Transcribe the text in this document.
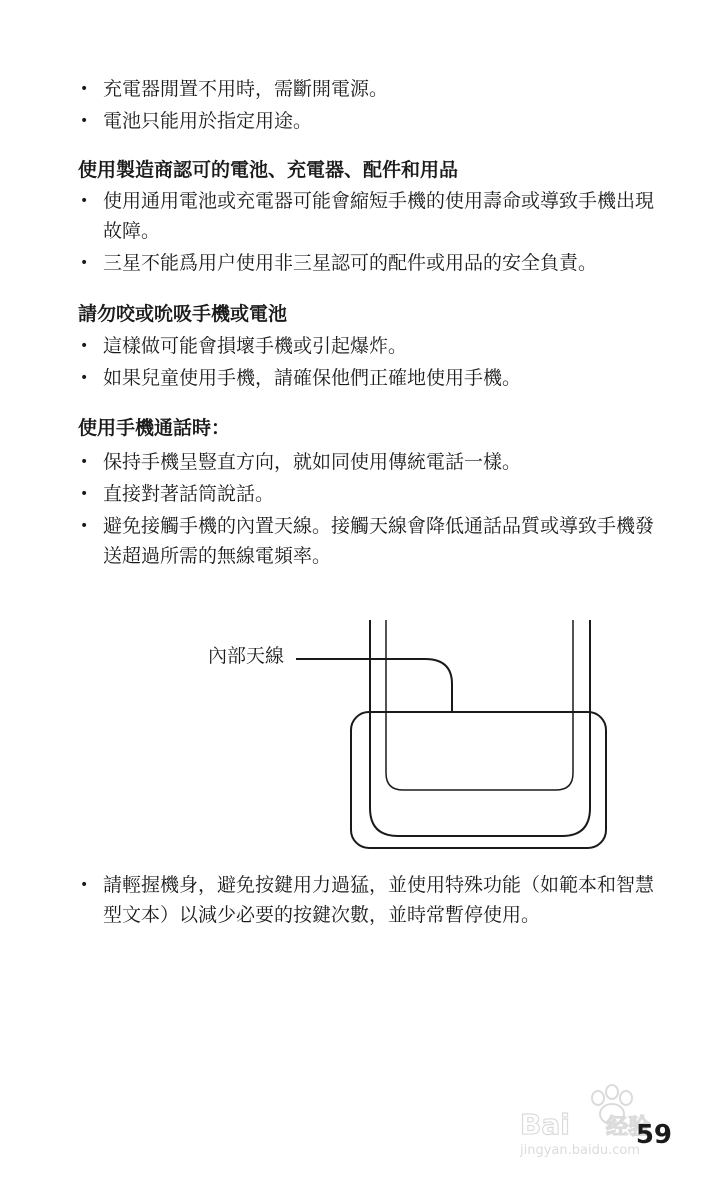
• 充電器閒置不用時，需斷開電源。
• 電池只能用於指定用途。
使用製造商認可的電池、充電器、配件和用品
• 使用通用電池或充電器可能會縮短手機的使用壽命或導致手機出現故障。
• 三星不能爲用户使用非三星認可的配件或用品的安全負責。
請勿咬或吮吸手機或電池
• 這樣做可能會損壞手機或引起爆炸。
• 如果兒童使用手機，請確保他們正確地使用手機。
使用手機通話時：
• 保持手機呈豎直方向，就如同使用傳統電話一樣。
• 直接對著話筒說話。
• 避免接觸手機的內置天線。接觸天線會降低通話品質或導致手機發送超過所需的無線電頻率。
內部天線
• 請輕握機身，避免按鍵用力過猛，並使用特殊功能（如範本和智慧型文本）以減少必要的按鍵次數，並時常暫停使用。
Bai 经验
jingyan.baidu.com
59
